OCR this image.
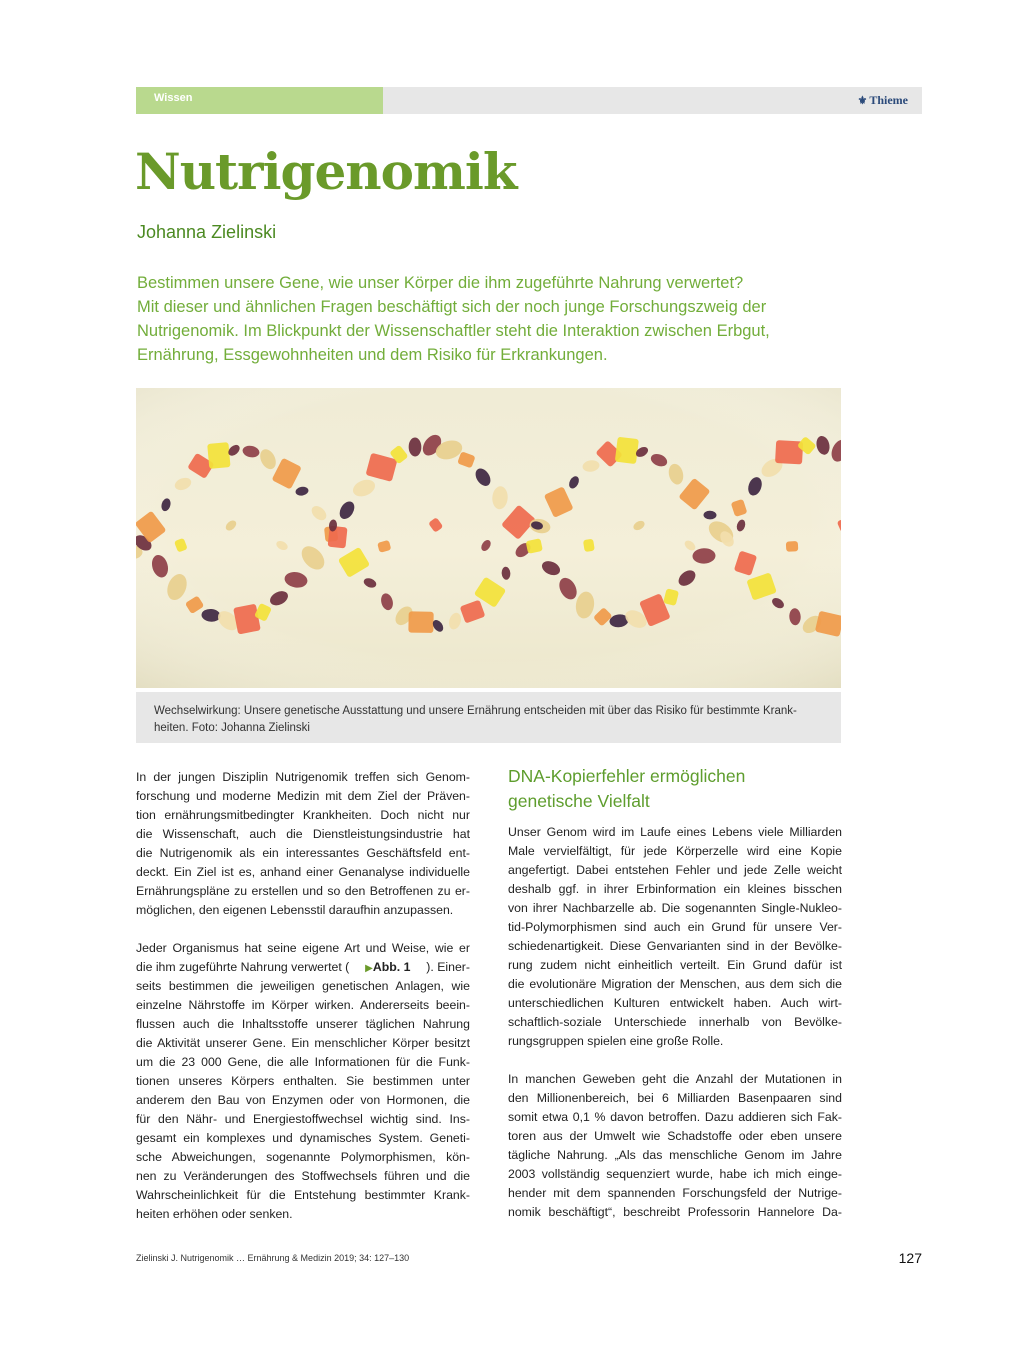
Wissen	⚜ Thieme
Nutrigenomik
Johanna Zielinski
Bestimmen unsere Gene, wie unser Körper die ihm zugeführte Nahrung verwertet?
Mit dieser und ähnlichen Fragen beschäftigt sich der noch junge Forschungszweig der
Nutrigenomik. Im Blickpunkt der Wissenschaftler steht die Interaktion zwischen Erbgut,
Ernährung, Essgewohnheiten und dem Risiko für Erkrankungen.
Wechselwirkung: Unsere genetische Ausstattung und unsere Ernährung entscheiden mit über das Risiko für bestimmte Krank-
heiten. Foto: Johanna Zielinski
In der jungen Disziplin Nutrigenomik treffen sich Genom-
forschung und moderne Medizin mit dem Ziel der Präven-
tion ernährungsmitbedingter Krankheiten. Doch nicht nur
die Wissenschaft, auch die Dienstleistungsindustrie hat
die Nutrigenomik als ein interessantes Geschäftsfeld ent-
deckt. Ein Ziel ist es, anhand einer Genanalyse individuelle
Ernährungspläne zu erstellen und so den Betroffenen zu er-
möglichen, den eigenen Lebensstil daraufhin anzupassen.
Jeder Organismus hat seine eigene Art und Weise, wie er
die ihm zugeführte Nahrung verwertet ( ▶Abb. 1 ). Einer-
seits bestimmen die jeweiligen genetischen Anlagen, wie
einzelne Nährstoffe im Körper wirken. Andererseits beein-
flussen auch die Inhaltsstoffe unserer täglichen Nahrung
die Aktivität unserer Gene. Ein menschlicher Körper besitzt
um die 23 000 Gene, die alle Informationen für die Funk-
tionen unseres Körpers enthalten. Sie bestimmen unter
anderem den Bau von Enzymen oder von Hormonen, die
für den Nähr- und Energiestoffwechsel wichtig sind. Ins-
gesamt ein komplexes und dynamisches System. Geneti-
sche Abweichungen, sogenannte Polymorphismen, kön-
nen zu Veränderungen des Stoffwechsels führen und die
Wahrscheinlichkeit für die Entstehung bestimmter Krank-
heiten erhöhen oder senken.
DNA-Kopierfehler ermöglichen
genetische Vielfalt
Unser Genom wird im Laufe eines Lebens viele Milliarden
Male vervielfältigt, für jede Körperzelle wird eine Kopie
angefertigt. Dabei entstehen Fehler und jede Zelle weicht
deshalb ggf. in ihrer Erbinformation ein kleines bisschen
von ihrer Nachbarzelle ab. Die sogenannten Single-Nukleo-
tid-Polymorphismen sind auch ein Grund für unsere Ver-
schiedenartigkeit. Diese Genvarianten sind in der Bevölke-
rung zudem nicht einheitlich verteilt. Ein Grund dafür ist
die evolutionäre Migration der Menschen, aus dem sich die
unterschiedlichen Kulturen entwickelt haben. Auch wirt-
schaftlich-soziale Unterschiede innerhalb von Bevölke-
rungsgruppen spielen eine große Rolle.
In manchen Geweben geht die Anzahl der Mutationen in
den Millionenbereich, bei 6 Milliarden Basenpaaren sind
somit etwa 0,1 % davon betroffen. Dazu addieren sich Fak-
toren aus der Umwelt wie Schadstoffe oder eben unsere
tägliche Nahrung. „Als das menschliche Genom im Jahre
2003 vollständig sequenziert wurde, habe ich mich einge-
hender mit dem spannenden Forschungsfeld der Nutrige-
nomik beschäftigt“, beschreibt Professorin Hannelore Da-
Zielinski J. Nutrigenomik … Ernährung & Medizin 2019; 34: 127–130	127
